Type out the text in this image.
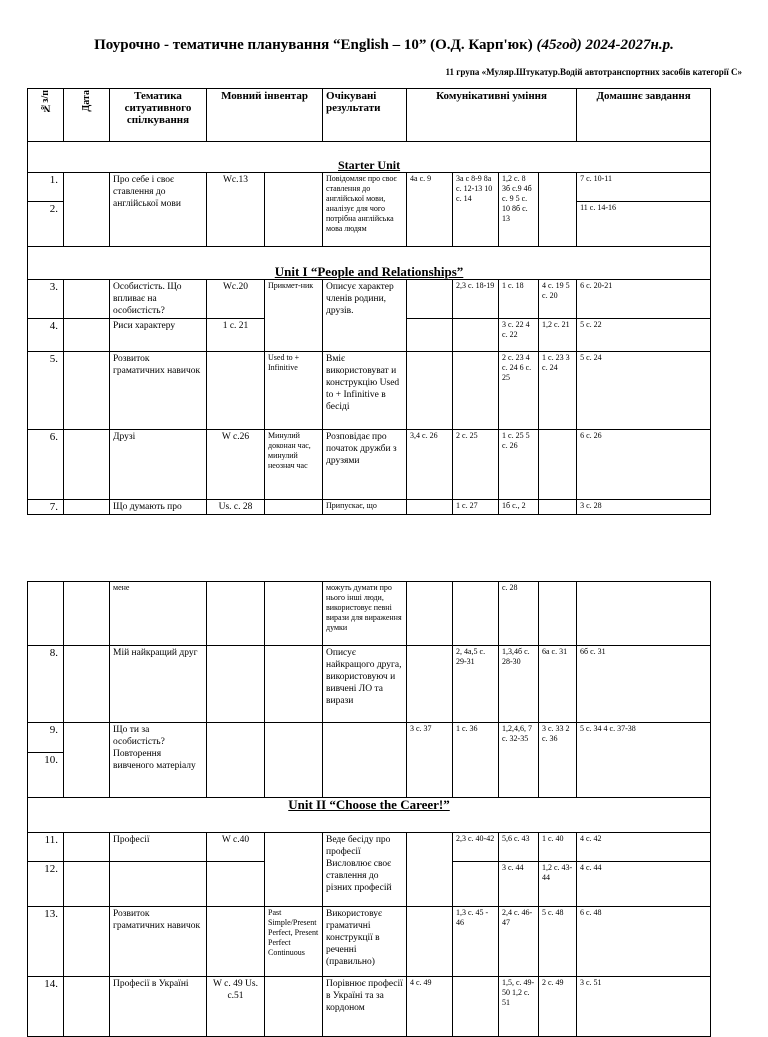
Поурочно - тематичне планування “English – 10” (О.Д. Карп'юк) (45год) 2024-2027н.р.
11 група «Муляр.Штукатур.Водій автотранспортних засобів категорії С»
№з/п	Дата	Тематика ситуативного спілкування	Мовний інвентар		Очікувані результати	Комунікативні уміння				Домашнє завдання
Starter Unit										
1.		Про себе і своє ставлення до англійської мови	Wc.13		Повідомляє про своє ставлення до англійської мови, аналізує для чого потрібна англійська мова людям	4а с. 9	3а с 8-9 8а с. 12-13 10 с. 14	1,2 с. 8 3б с.9 4б с. 9 5 с. 10 8б с. 13		7 с. 10-11
2.										11 с. 14-16
Unit I “People and Relationships”										
3.		Особистість. Що впливає на особистість?	Wc.20	Прикмет-ник	Описує характер членів родини, друзів.		2,3 с. 18-19	1 с. 18	4 с. 19 5 с. 20	6 с. 20-21
4.		Риси характеру	1 с. 21					3 с. 22 4 с. 22	1,2 с. 21	5 с. 22
5.		Розвиток граматичних навичок		Used to + Infinitive	Вміє використовуват и конструкцію Used to + Infinitive в бесіді			2 с. 23 4 с. 24 6 с. 25	1 с. 23 3 с. 24	5 с. 24
6.		Друзі	W с.26	Минулий доконан час, минулий неознач час	Розповідає про початок дружби з друзями	3,4 с. 26	2 с. 25	1 с. 25 5 с. 26		6 с. 26
7.		Що думають про	Us. с. 28		Припускає, що		1 с. 27	1б с., 2		3 с. 28
		мене			можуть думати про нього інші люди, використовує певні вирази для вираження думки			с. 28		
8.		Мій найкращий друг			Описує найкращого друга, використовуюч и вивчені ЛО та вирази		2, 4а,5 с. 29-31	1,3,4б с. 28-30	6а с. 31	6б с. 31
9.		Що ти за особистість? Повторення вивченого матеріалу				3 с. 37	1 с. 36	1,2,4,6, 7 с. 32-35	3 с. 33 2 с. 36	5 с. 34 4 с. 37-38
10.										
Unit II “Choose the Career!”										
11.		Професії	W с.40		Веде бесіду про професії Висловлює своє ставлення до різних професій		2,3 с. 40-42	5,6 с. 43	1 с. 40	4 с. 42
12.								3 с. 44	1,2 с. 43-44	4 с. 44
13.		Розвиток граматичних навичок		Past Simple/Present Perfect, Present Perfect Continuous	Використовує граматичні конструкції в реченні (правильно)		1,3 с. 45 - 46	2,4 с. 46-47	5 с. 48	6 с. 48
14.		Професії в Україні	W с. 49 Us. с.51		Порівнює професії в Україні та за кордоном	4 с. 49		1,5, с. 49-50 1,2 с. 51	2 с. 49	3 с. 51
